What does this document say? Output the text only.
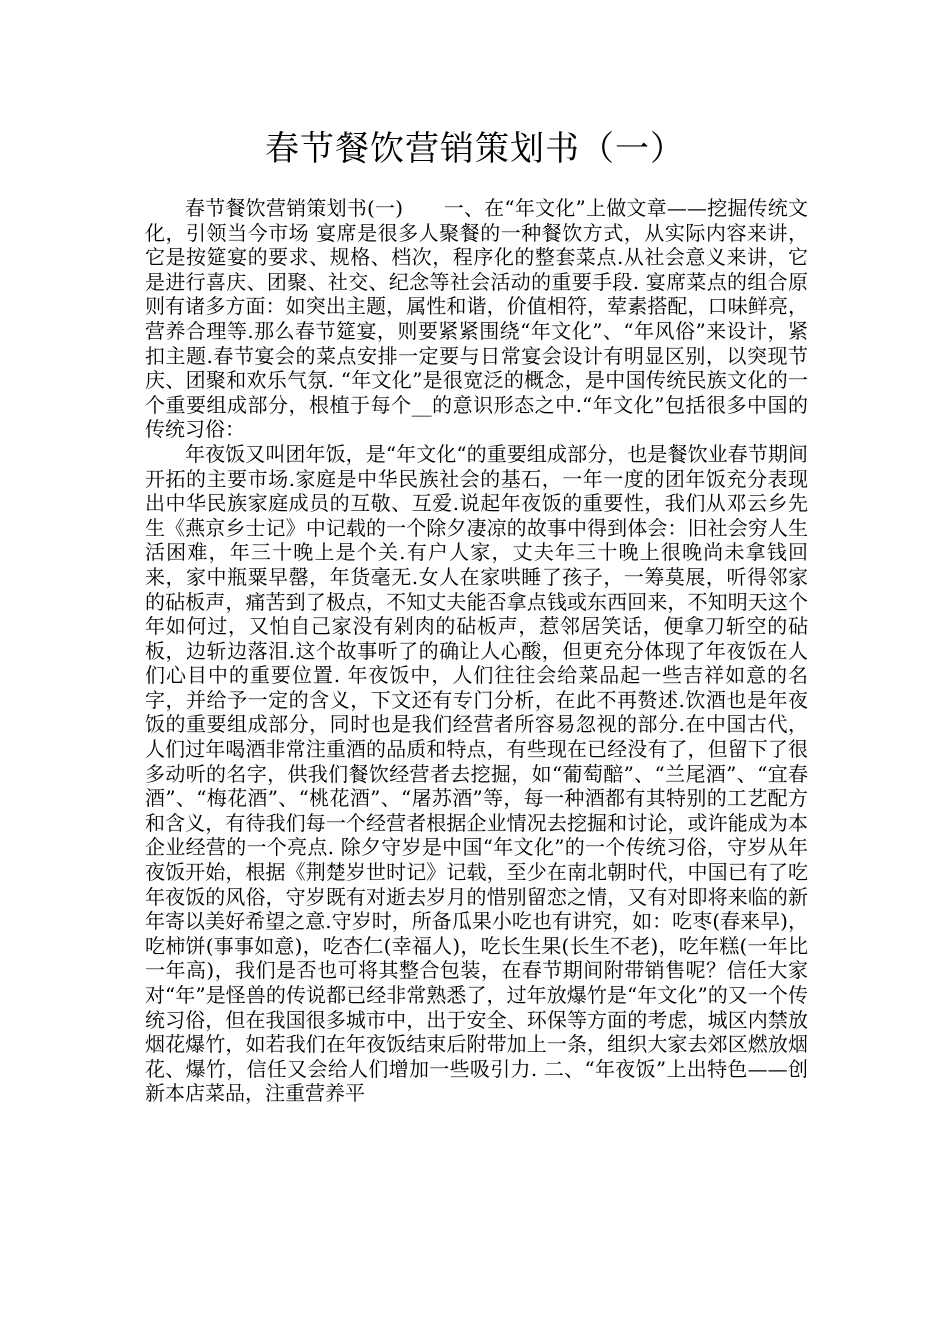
春节餐饮营销策划书（一）

春节餐饮营销策划书(一)　　一、在“年文化”上做文章——挖掘传统文化，引领当今市场 宴席是很多人聚餐的一种餐饮方式，从实际内容来讲，它是按筵宴的要求、规格、档次，程序化的整套菜点.从社会意义来讲，它是进行喜庆、团聚、社交、纪念等社会活动的重要手段. 宴席菜点的组合原则有诸多方面：如突出主题，属性和谐，价值相符，荤素搭配，口味鲜亮，营养合理等.那么春节筵宴，则要紧紧围绕“年文化”、“年风俗”来设计，紧扣主题.春节宴会的菜点安排一定要与日常宴会设计有明显区别，以突现节庆、团聚和欢乐气氛. “年文化”是很宽泛的概念，是中国传统民族文化的一个重要组成部分，根植于每个__的意识形态之中.“年文化”包括很多中国的传统习俗：

年夜饭又叫团年饭，是“年文化“的重要组成部分，也是餐饮业春节期间开拓的主要市场.家庭是中华民族社会的基石，一年一度的团年饭充分表现出中华民族家庭成员的互敬、互爱.说起年夜饭的重要性，我们从邓云乡先生《燕京乡士记》中记载的一个除夕凄凉的故事中得到体会：旧社会穷人生活困难，年三十晚上是个关.有户人家，丈夫年三十晚上很晚尚未拿钱回来，家中瓶粟早罄，年货毫无.女人在家哄睡了孩子，一筹莫展，听得邻家的砧板声，痛苦到了极点，不知丈夫能否拿点钱或东西回来，不知明天这个年如何过，又怕自己家没有剁肉的砧板声，惹邻居笑话，便拿刀斩空的砧板，边斩边落泪.这个故事听了的确让人心酸，但更充分体现了年夜饭在人们心目中的重要位置. 年夜饭中，人们往往会给菜品起一些吉祥如意的名字，并给予一定的含义，下文还有专门分析，在此不再赘述.饮酒也是年夜饭的重要组成部分，同时也是我们经营者所容易忽视的部分.在中国古代，人们过年喝酒非常注重酒的品质和特点，有些现在已经没有了，但留下了很多动听的名字，供我们餐饮经营者去挖掘，如“葡萄醅”、“兰尾酒”、“宜春酒”、“梅花酒”、“桃花酒”、“屠苏酒”等，每一种酒都有其特别的工艺配方和含义，有待我们每一个经营者根据企业情况去挖掘和讨论，或许能成为本企业经营的一个亮点. 除夕守岁是中国“年文化”的一个传统习俗，守岁从年夜饭开始，根据《荆楚岁世时记》记载，至少在南北朝时代，中国已有了吃年夜饭的风俗，守岁既有对逝去岁月的惜别留恋之情，又有对即将来临的新年寄以美好希望之意.守岁时，所备瓜果小吃也有讲究，如：吃枣(春来早)，吃柿饼(事事如意)，吃杏仁(幸福人)，吃长生果(长生不老)，吃年糕(一年比一年高)，我们是否也可将其整合包装，在春节期间附带销售呢？信任大家对“年”是怪兽的传说都已经非常熟悉了，过年放爆竹是“年文化”的又一个传统习俗，但在我国很多城市中，出于安全、环保等方面的考虑，城区内禁放烟花爆竹，如若我们在年夜饭结束后附带加上一条，组织大家去郊区燃放烟花、爆竹，信任又会给人们增加一些吸引力. 二、“年夜饭”上出特色——创新本店菜品，注重营养平
